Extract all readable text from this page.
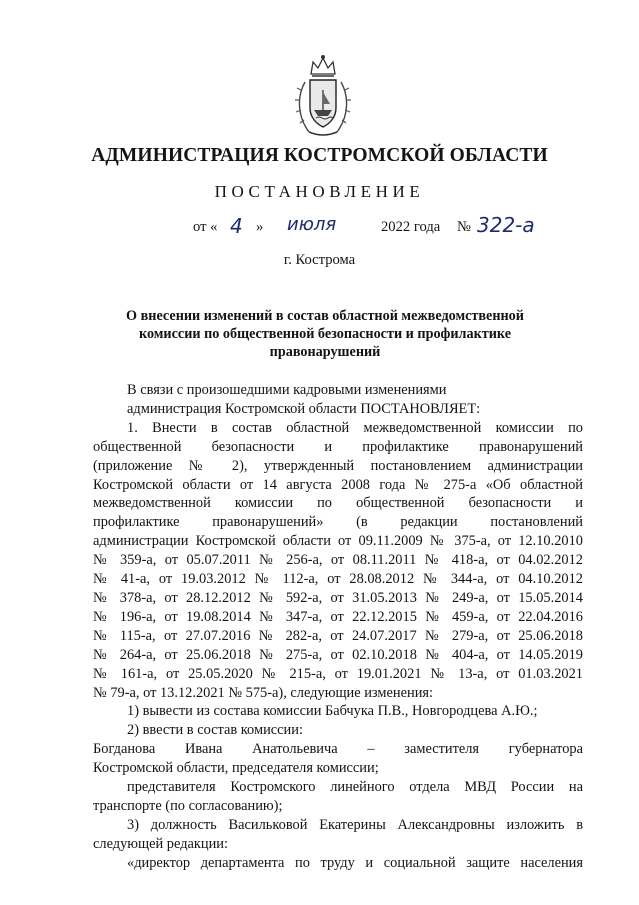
АДМИНИСТРАЦИЯ КОСТРОМСКОЙ ОБЛАСТИ
ПОСТАНОВЛЕНИЕ
от « 4 » июля	2022 года № 322-а
г. Кострома
О внесении изменений в состав областной межведомственной
комиссии по общественной безопасности и профилактике
правонарушений

В связи с произошедшими кадровыми изменениями

администрация Костромской области ПОСТАНОВЛЯЕТ:

1. Внести в состав областной межведомственной комиссии по

общественной безопасности и профилактике правонарушений

(приложение № 2), утвержденный постановлением администрации

Костромской области от 14 августа 2008 года № 275-а «Об областной

межведомственной комиссии по общественной безопасности и

профилактике правонарушений» (в редакции постановлений

администрации Костромской области от 09.11.2009 № 375-а, от 12.10.2010

№ 359-а, от 05.07.2011 № 256-а, от 08.11.2011 № 418-а, от 04.02.2012

№ 41-а, от 19.03.2012 № 112-а, от 28.08.2012 № 344-а, от 04.10.2012

№ 378-а, от 28.12.2012 № 592-а, от 31.05.2013 № 249-а, от 15.05.2014

№ 196-а, от 19.08.2014 № 347-а, от 22.12.2015 № 459-а, от 22.04.2016

№ 115-а, от 27.07.2016 № 282-а, от 24.07.2017 № 279-а, от 25.06.2018

№ 264-а, от 25.06.2018 № 275-а, от 02.10.2018 № 404-а, от 14.05.2019

№ 161-а, от 25.05.2020 № 215-а, от 19.01.2021 № 13-а, от 01.03.2021

№ 79-а, от 13.12.2021 № 575-а), следующие изменения:

1) вывести из состава комиссии Бабчука П.В., Новгородцева А.Ю.;

2) ввести в состав комиссии:

Богданова Ивана Анатольевича – заместителя губернатора

Костромской области, председателя комиссии;

представителя Костромского линейного отдела МВД России на

транспорте (по согласованию);

3) должность Васильковой Екатерины Александровны изложить в

следующей редакции:

«директор департамента по труду и социальной защите населения
